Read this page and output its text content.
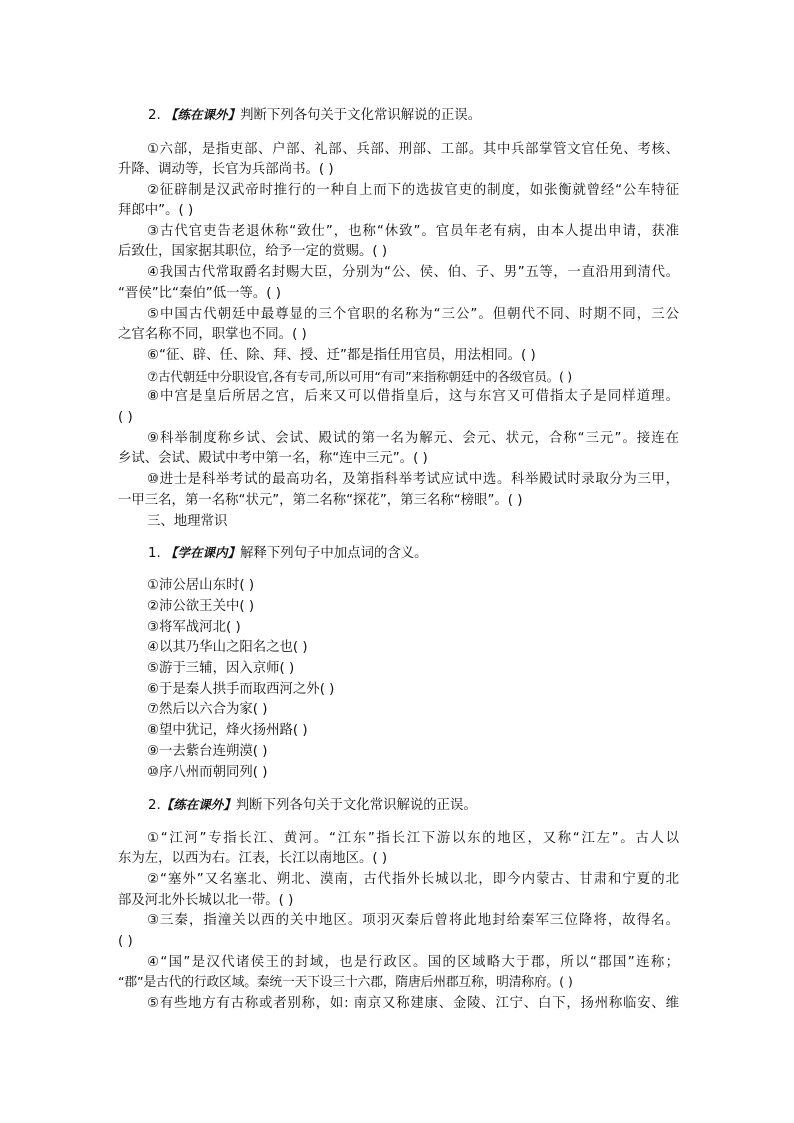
2. 【练在课外】判断下列各句关于文化常识解说的正误。
①六部，是指吏部、户部、礼部、兵部、刑部、工部。其中兵部掌管文官任免、考核、
升降、调动等，长官为兵部尚书。( )
②征辟制是汉武帝时推行的一种自上而下的选拔官吏的制度，如张衡就曾经“公车特征
拜郎中”。( )
③古代官吏告老退休称“致仕”，也称“休致”。官员年老有病，由本人提出申请，获准
后致仕，国家据其职位，给予一定的赏赐。( )
④我国古代常取爵名封赐大臣，分别为“公、侯、伯、子、男”五等，一直沿用到清代。
“晋侯”比“秦伯”低一等。( )
⑤中国古代朝廷中最尊显的三个官职的名称为“三公”。但朝代不同、时期不同，三公
之官名称不同，职掌也不同。( )
⑥“征、辟、任、除、拜、授、迁”都是指任用官员，用法相同。( )
⑦古代朝廷中分职设官,各有专司,所以可用“有司”来指称朝廷中的各级官员。( )
⑧中宫是皇后所居之宫，后来又可以借指皇后，这与东宫又可借指太子是同样道理。
( )
⑨科举制度称乡试、会试、殿试的第一名为解元、会元、状元，合称“三元”。接连在
乡试、会试、殿试中考中第一名，称“连中三元”。( )
⑩进士是科举考试的最高功名，及第指科举考试应试中选。科举殿试时录取分为三甲，
一甲三名，第一名称“状元”，第二名称“探花”，第三名称“榜眼”。( )
三、地理常识
1. 【学在课内】解释下列句子中加点词的含义。
①沛公居山东时( )
②沛公欲王关中( )
③将军战河北( )
④以其乃华山之阳名之也( )
⑤游于三辅，因入京师( )
⑥于是秦人拱手而取西河之外( )
⑦然后以六合为家( )
⑧望中犹记，烽火扬州路( )
⑨一去紫台连朔漠( )
⑩序八州而朝同列( )
2.【练在课外】判断下列各句关于文化常识解说的正误。
①“江河”专指长江、黄河。“江东”指长江下游以东的地区，又称“江左”。古人以
东为左，以西为右。江表，长江以南地区。( )
②“塞外”又名塞北、朔北、漠南，古代指外长城以北，即今内蒙古、甘肃和宁夏的北
部及河北外长城以北一带。( )
③三秦，指潼关以西的关中地区。项羽灭秦后曾将此地封给秦军三位降将，故得名。
( )
④“国”是汉代诸侯王的封域，也是行政区。国的区域略大于郡，所以“郡国”连称；
“郡”是古代的行政区域。秦统一天下设三十六郡，隋唐后州郡互称，明清称府。( )
⑤有些地方有古称或者别称，如: 南京又称建康、金陵、江宁、白下，扬州称临安、维
